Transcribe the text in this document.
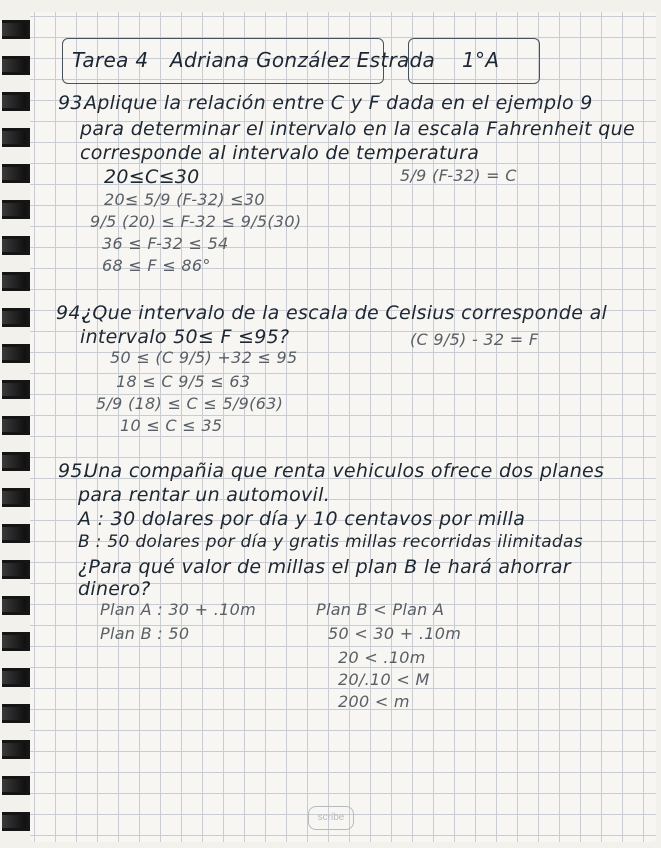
Tarea 4 Adriana González Estrada 1°A
93.
Aplique la relación entre C y F dada en el ejemplo 9
para determinar el intervalo en la escala Fahrenheit que
corresponde al intervalo de temperatura
20≤C≤30	5/9 (F-32) = C
20≤ 5/9 (F-32) ≤30
9/5 (20) ≤ F-32 ≤ 9/5(30)
36 ≤ F-32 ≤ 54
68 ≤ F ≤ 86°
94.
¿Que intervalo de la escala de Celsius corresponde al
intervalo 50≤ F ≤95?	(C 9/5) - 32 = F
50 ≤ (C 9/5) +32 ≤ 95
18 ≤ C 9/5 ≤ 63
5/9 (18) ≤ C ≤ 5/9(63)
10 ≤ C ≤ 35
95.
Una compañia que renta vehiculos ofrece dos planes
para rentar un automovil.
A : 30 dolares por día y 10 centavos por milla
B : 50 dolares por día y gratis millas recorridas ilimitadas
¿Para qué valor de millas el plan B le hará ahorrar
dinero?
Plan A : 30 + .10m
Plan B : 50
Plan B < Plan A
50 < 30 + .10m
20 < .10m
20/.10 < M
200 < m
scribe
